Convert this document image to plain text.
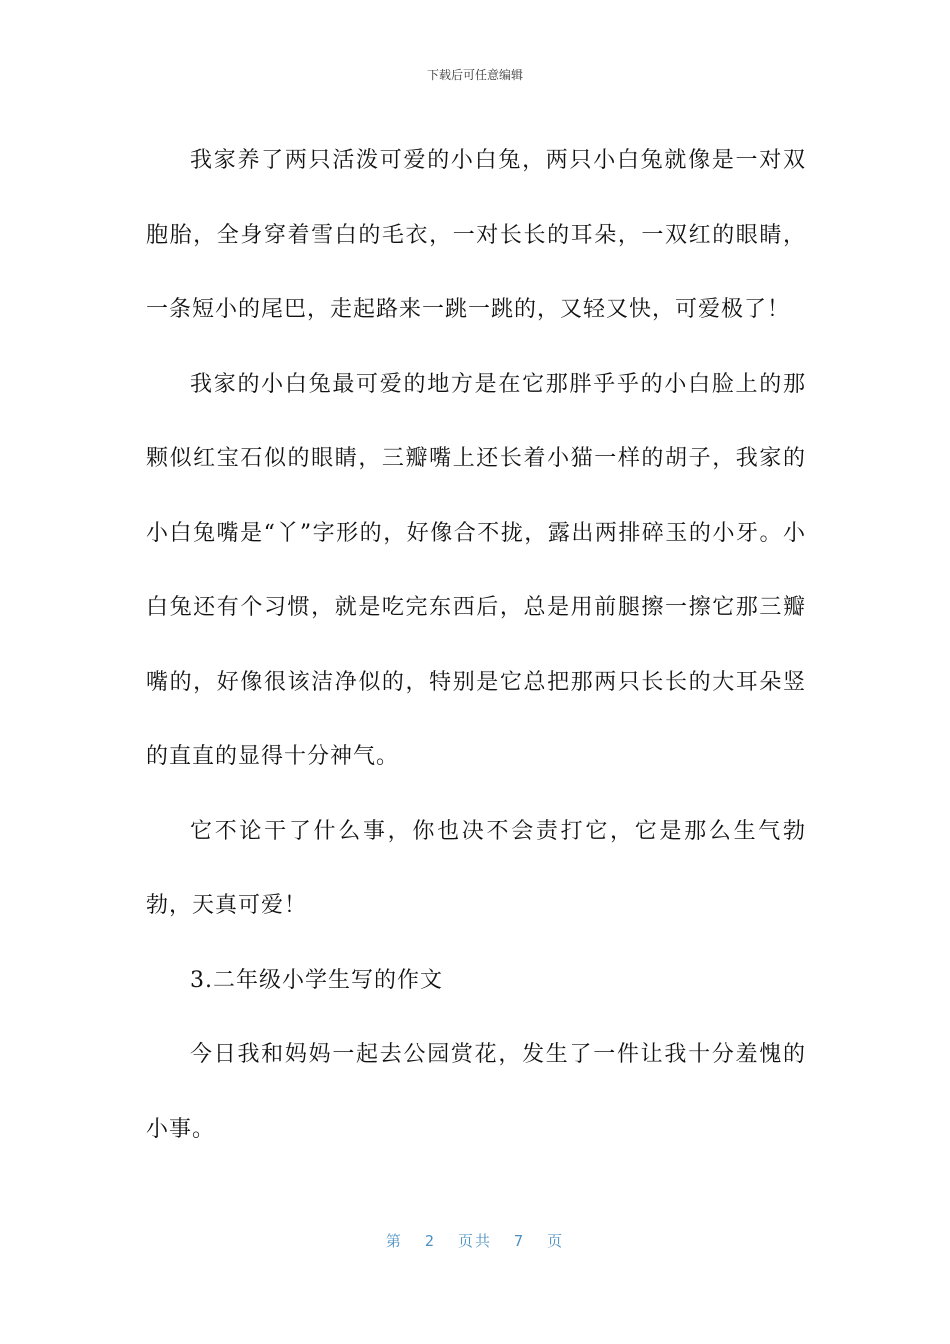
下载后可任意编辑

我家养了两只活泼可爱的小白兔，两只小白兔就像是一对双胞胎，全身穿着雪白的毛衣，一对长长的耳朵，一双红的眼睛，一条短小的尾巴，走起路来一跳一跳的，又轻又快，可爱极了！

我家的小白兔最可爱的地方是在它那胖乎乎的小白脸上的那颗似红宝石似的眼睛，三瓣嘴上还长着小猫一样的胡子，我家的小白兔嘴是“丫”字形的，好像合不拢，露出两排碎玉的小牙。小白兔还有个习惯，就是吃完东西后，总是用前腿擦一擦它那三瓣嘴的，好像很该洁净似的，特别是它总把那两只长长的大耳朵竖的直直的显得十分神气。

它不论干了什么事，你也决不会责打它，它是那么生气勃勃，天真可爱！

3.二年级小学生写的作文

今日我和妈妈一起去公园赏花，发生了一件让我十分羞愧的小事。

第  2  页共  7  页
